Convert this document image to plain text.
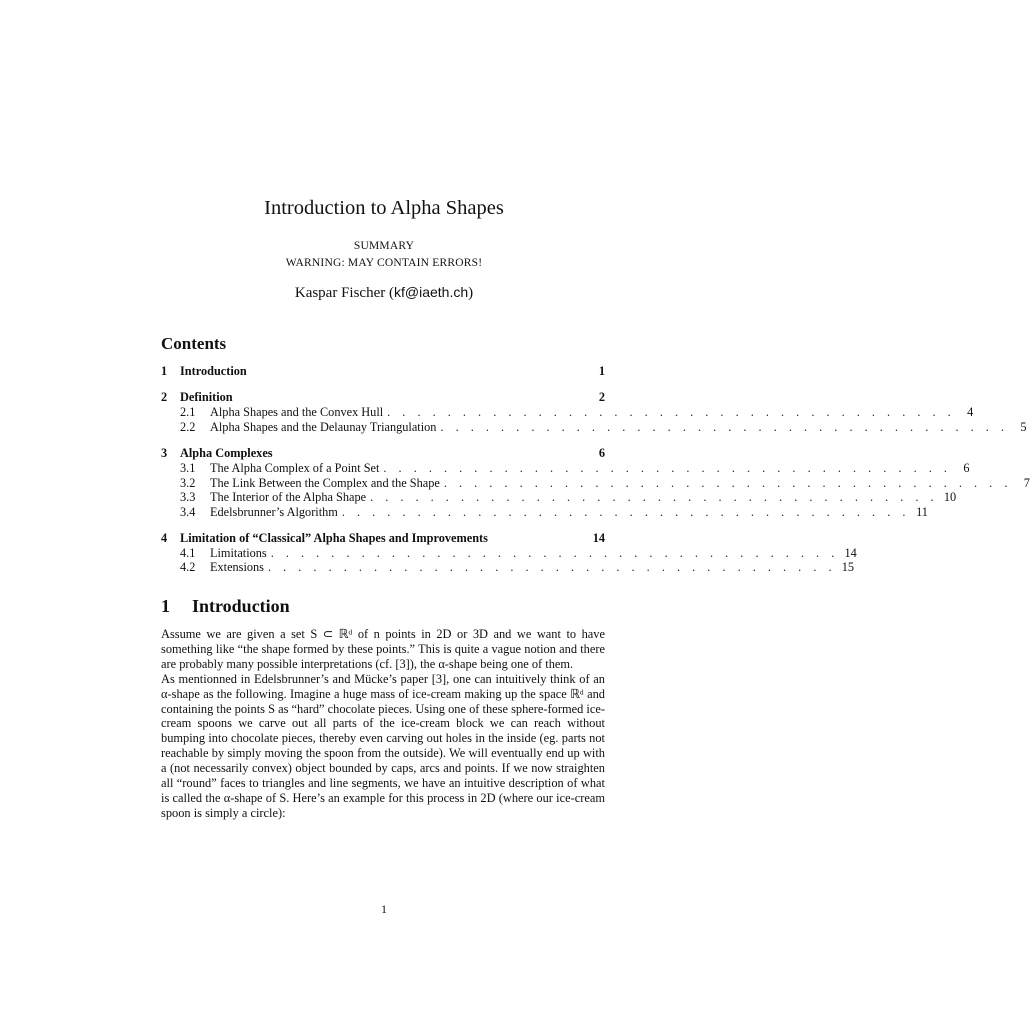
Introduction to Alpha Shapes
SUMMARY
WARNING: MAY CONTAIN ERRORS!
Kaspar Fischer (kf@iaeth.ch)
Contents
1	Introduction	1
2	Definition	2
2.1	Alpha Shapes and the Convex Hull . . . . . . . . . . . . . . . . . . . . . . . . . . . . . . . . . . . . . . 4
2.2	Alpha Shapes and the Delaunay Triangulation . . . . . . . . . . . . . . . . . . . . . . . . . . . . . . . . . . . . . . 5
3	Alpha Complexes	6
3.1	The Alpha Complex of a Point Set . . . . . . . . . . . . . . . . . . . . . . . . . . . . . . . . . . . . . . 6
3.2	The Link Between the Complex and the Shape . . . . . . . . . . . . . . . . . . . . . . . . . . . . . . . . . . . . . . 7
3.3	The Interior of the Alpha Shape . . . . . . . . . . . . . . . . . . . . . . . . . . . . . . . . . . . . . . 10
3.4	Edelsbrunner’s Algorithm . . . . . . . . . . . . . . . . . . . . . . . . . . . . . . . . . . . . . . 11
4	Limitation of “Classical” Alpha Shapes and Improvements	14
4.1	Limitations . . . . . . . . . . . . . . . . . . . . . . . . . . . . . . . . . . . . . . 14
4.2	Extensions . . . . . . . . . . . . . . . . . . . . . . . . . . . . . . . . . . . . . . 15
1 Introduction

Assume we are given a set S ⊂ ℝᵈ of n points in 2D or 3D and we want to have something like “the shape formed by these points.” This is quite a vague notion and there are probably many possible interpretations (cf. [3]), the α-shape being one of them.

As mentionned in Edelsbrunner’s and Mücke’s paper [3], one can intuitively think of an α-shape as the following. Imagine a huge mass of ice-cream making up the space ℝᵈ and containing the points S as “hard” chocolate pieces. Using one of these sphere-formed ice-cream spoons we carve out all parts of the ice-cream block we can reach without bumping into chocolate pieces, thereby even carving out holes in the inside (eg. parts not reachable by simply moving the spoon from the outside). We will eventually end up with a (not necessarily convex) object bounded by caps, arcs and points. If we now straighten all “round” faces to triangles and line segments, we have an intuitive description of what is called the α-shape of S. Here’s an example for this process in 2D (where our ice-cream spoon is simply a circle):

1
